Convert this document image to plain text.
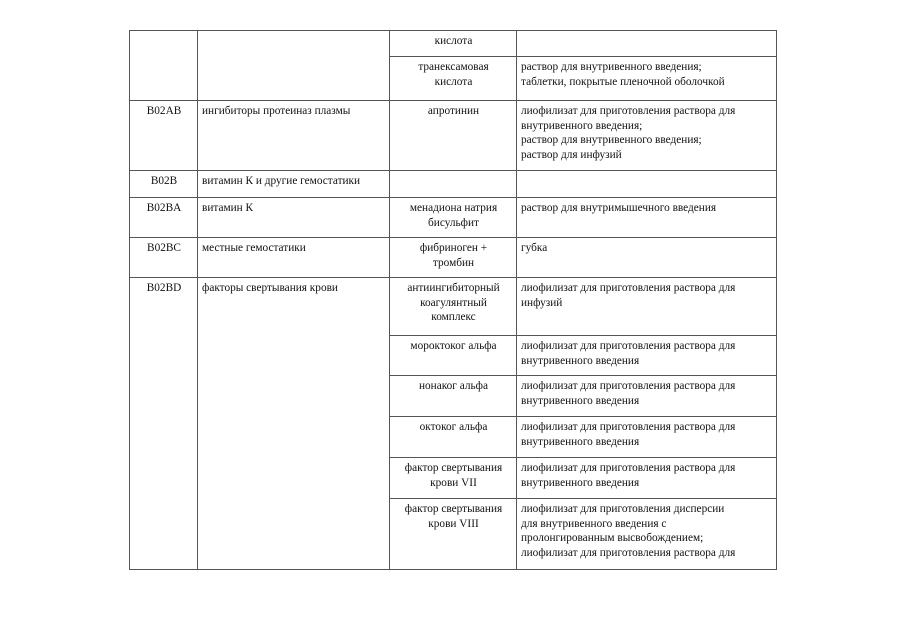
		кислота	

		транексамовая
кислота	раствор для внутривенного введения;
таблетки, покрытые пленочной оболочкой

B02AB	ингибиторы протеиназ плазмы	апротинин	лиофилизат для приготовления раствора для
внутривенного введения;
раствор для внутривенного введения;
раствор для инфузий

B02B	витамин К и другие гемостатики		
B02BA	витамин К	менадиона натрия
бисульфит	раствор для внутримышечного введения

B02BC	местные гемостатики	фибриноген +
тромбин	губка

B02BD	факторы свертывания крови	антиингибиторный
коагулянтный
комплекс	лиофилизат для приготовления раствора для
инфузий

		мороктоког альфа	лиофилизат для приготовления раствора для
внутривенного введения

		нонаког альфа	лиофилизат для приготовления раствора для
внутривенного введения

		октоког альфа	лиофилизат для приготовления раствора для
внутривенного введения

		фактор свертывания
крови VII	лиофилизат для приготовления раствора для
внутривенного введения

		фактор свертывания
крови VIII	лиофилизат для приготовления дисперсии
для внутривенного введения с
пролонгированным высвобождением;
лиофилизат для приготовления раствора для
